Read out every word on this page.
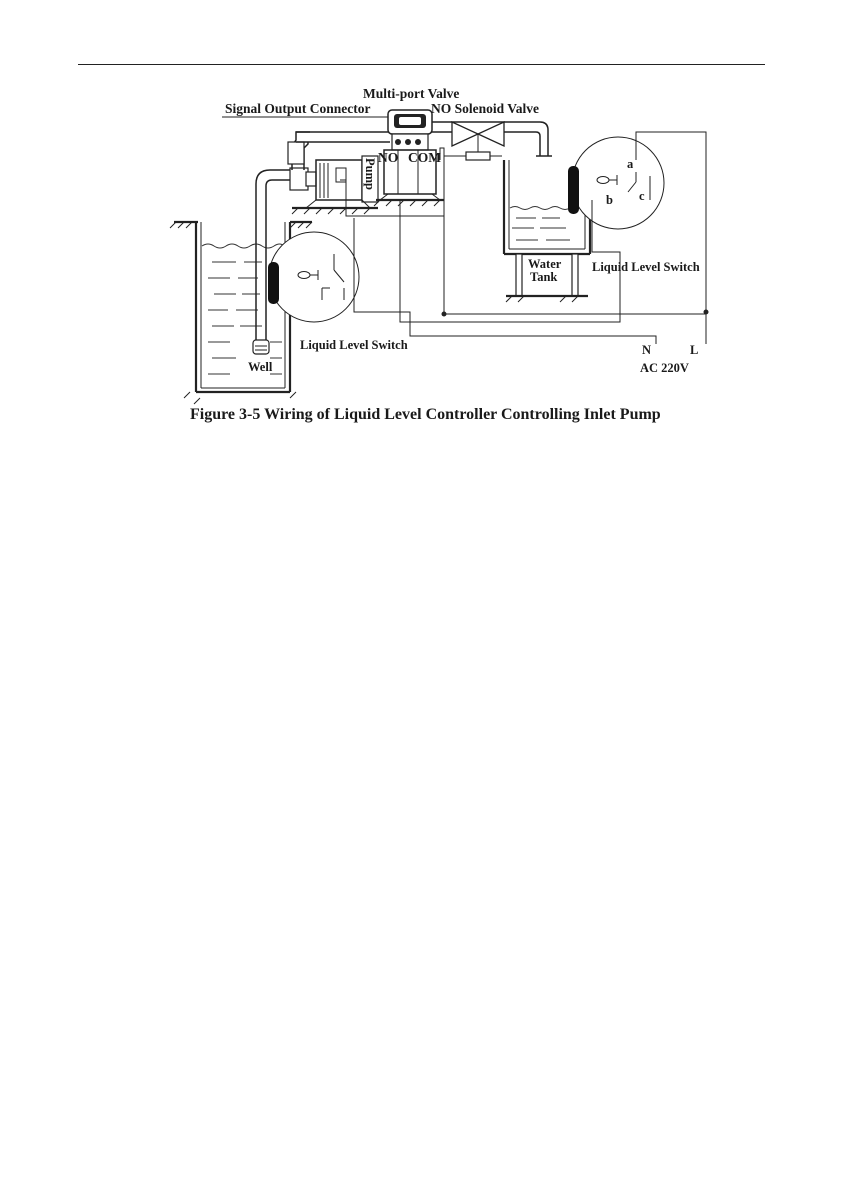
Well
Liquid Level Switch
Pump
Water
Tank
a
b c
Liquid Level Switch
Multi-port Valve
Signal Output Connector	NO Solenoid Valve
NO COM
N	L
AC 220V
Figure 3-5 Wiring of Liquid Level Controller Controlling Inlet Pump
